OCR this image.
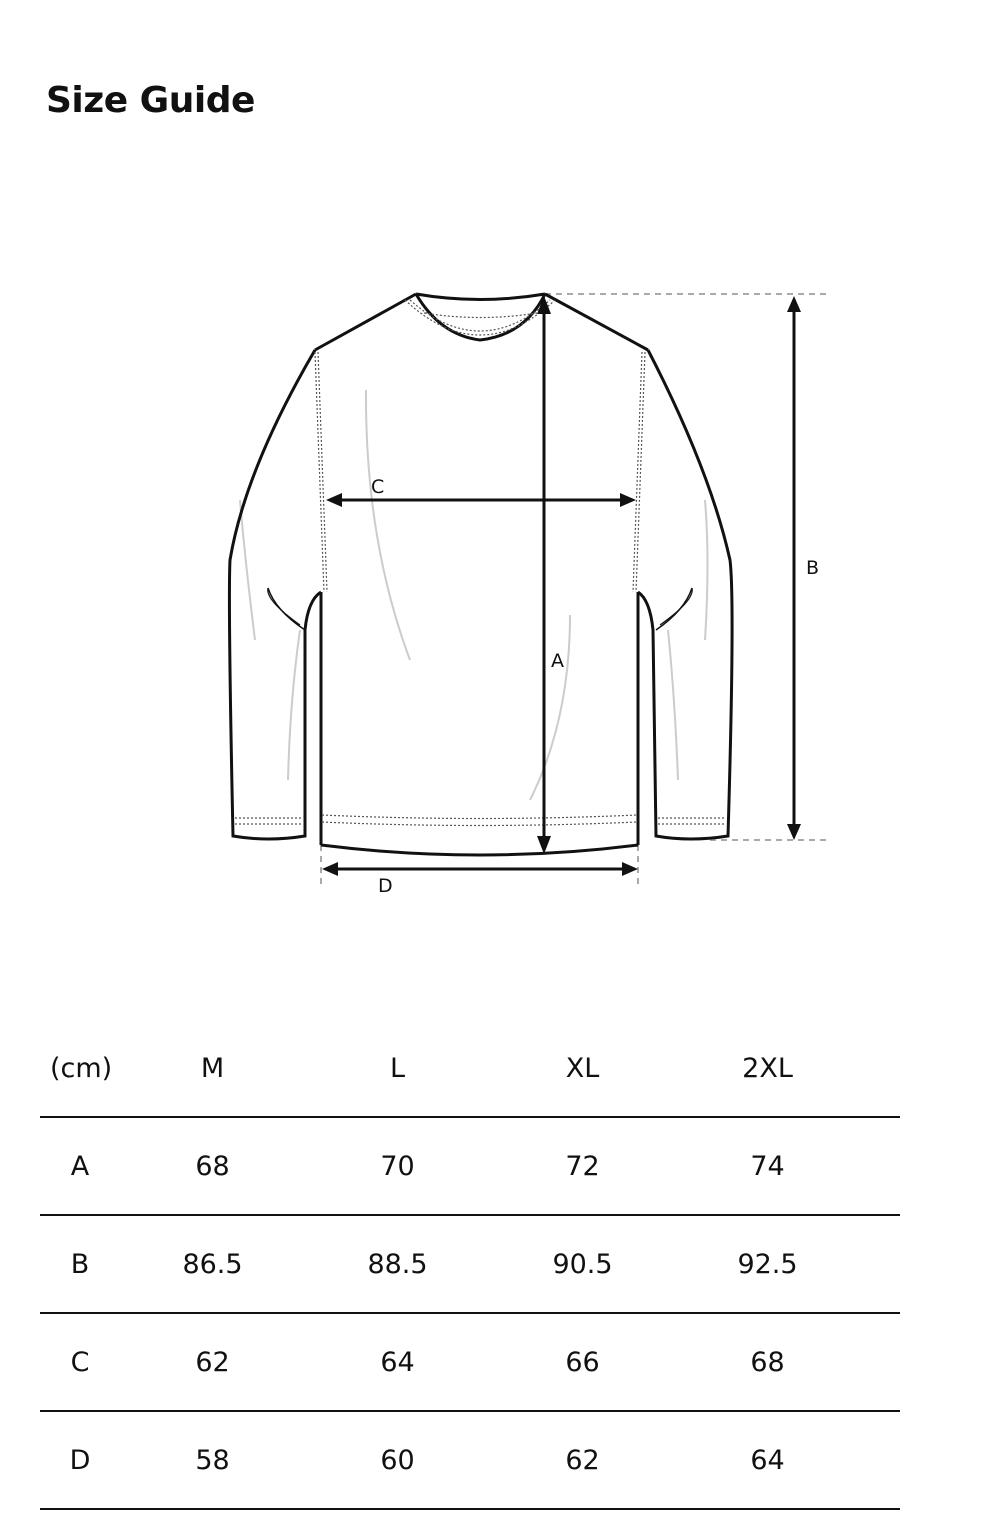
Size Guide
A
B
C
D
(cm)	M	L	XL	2XL
A	68	70	72	74
B	86.5	88.5	90.5	92.5
C	62	64	66	68
D	58	60	62	64
